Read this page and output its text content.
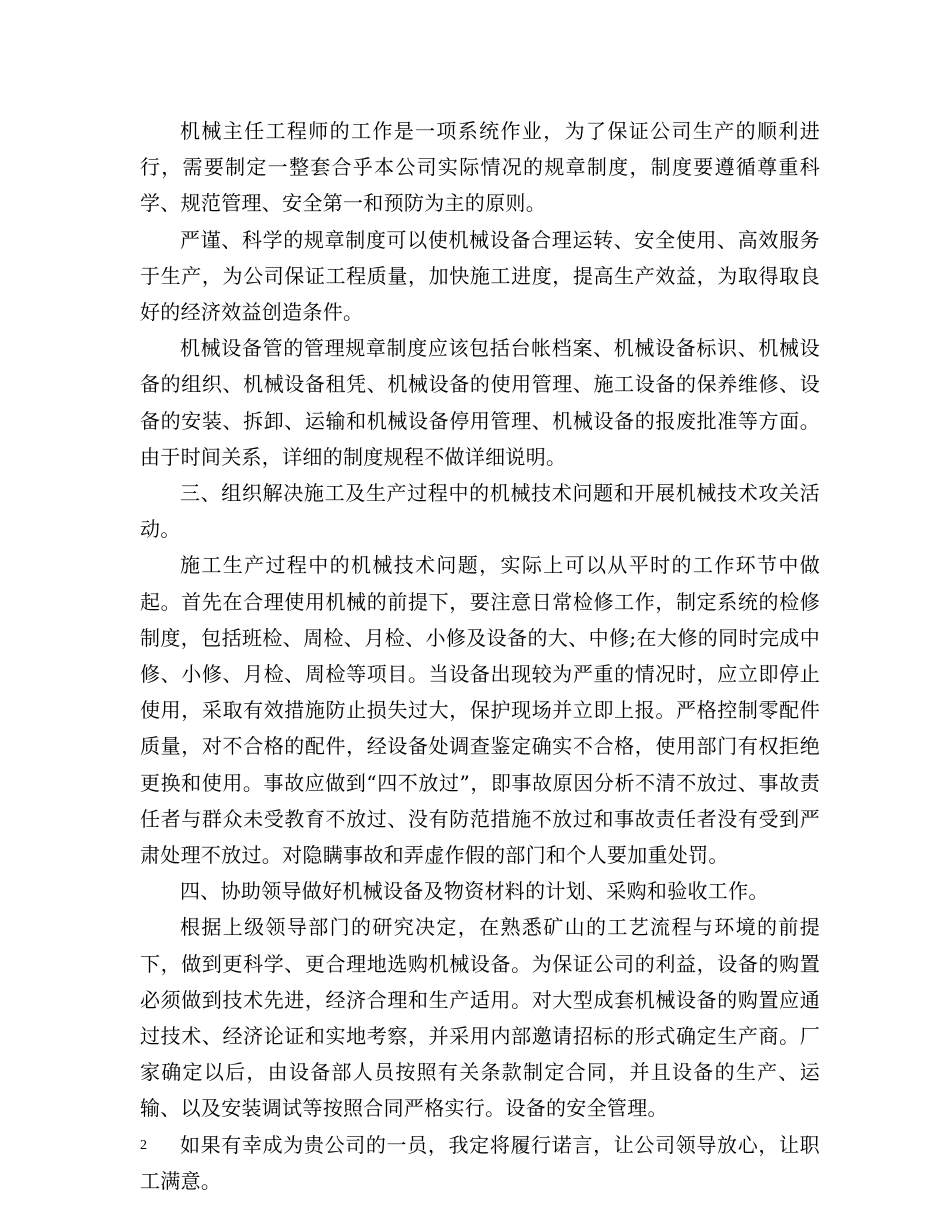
机械主任工程师的工作是一项系统作业，为了保证公司生产的顺利进行，需要制定一整套合乎本公司实际情况的规章制度，制度要遵循尊重科学、规范管理、安全第一和预防为主的原则。

严谨、科学的规章制度可以使机械设备合理运转、安全使用、高效服务于生产，为公司保证工程质量，加快施工进度，提高生产效益，为取得取良好的经济效益创造条件。

机械设备管的管理规章制度应该包括台帐档案、机械设备标识、机械设备的组织、机械设备租凭、机械设备的使用管理、施工设备的保养维修、设备的安装、拆卸、运输和机械设备停用管理、机械设备的报废批准等方面。由于时间关系，详细的制度规程不做详细说明。

三、组织解决施工及生产过程中的机械技术问题和开展机械技术攻关活动。

施工生产过程中的机械技术问题，实际上可以从平时的工作环节中做起。首先在合理使用机械的前提下，要注意日常检修工作，制定系统的检修制度，包括班检、周检、月检、小修及设备的大、中修;在大修的同时完成中修、小修、月检、周检等项目。当设备出现较为严重的情况时，应立即停止使用，采取有效措施防止损失过大，保护现场并立即上报。严格控制零配件质量，对不合格的配件，经设备处调查鉴定确实不合格，使用部门有权拒绝更换和使用。事故应做到“四不放过”，即事故原因分析不清不放过、事故责任者与群众未受教育不放过、没有防范措施不放过和事故责任者没有受到严肃处理不放过。对隐瞒事故和弄虚作假的部门和个人要加重处罚。

四、协助领导做好机械设备及物资材料的计划、采购和验收工作。

根据上级领导部门的研究决定，在熟悉矿山的工艺流程与环境的前提下，做到更科学、更合理地选购机械设备。为保证公司的利益，设备的购置必须做到技术先进，经济合理和生产适用。对大型成套机械设备的购置应通过技术、经济论证和实地考察，并采用内部邀请招标的形式确定生产商。厂家确定以后，由设备部人员按照有关条款制定合同，并且设备的生产、运输、以及安装调试等按照合同严格实行。设备的安全管理。

如果有幸成为贵公司的一员，我定将履行诺言，让公司领导放心，让职工满意。

2
